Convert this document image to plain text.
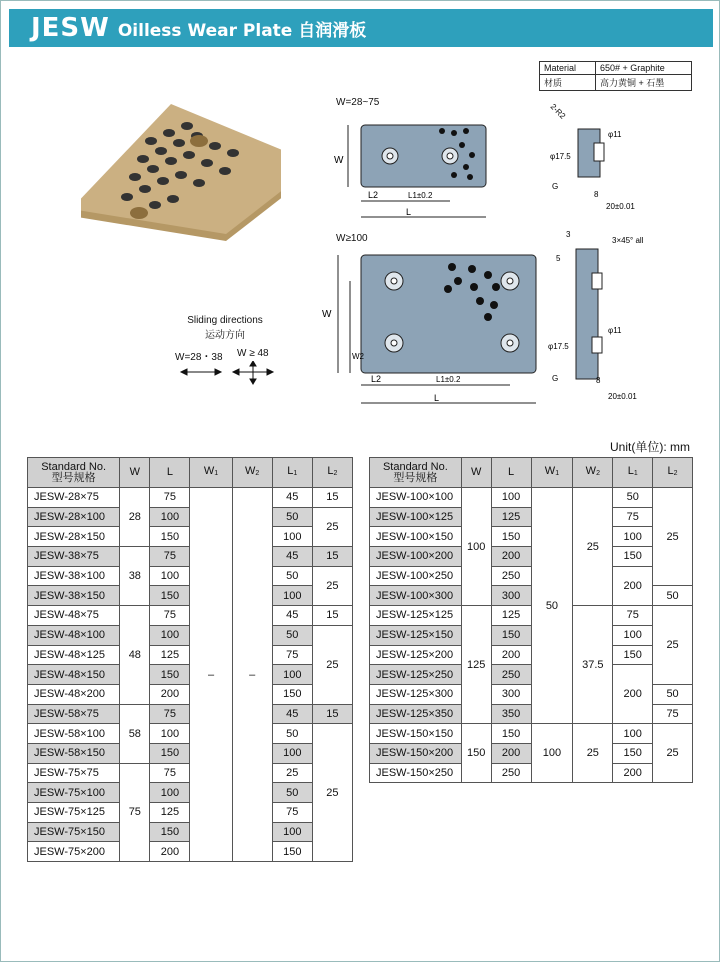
JESW Oilless Wear Plate 自润滑板
Material	650# + Graphite
材质	高力黄铜 + 石墨
Sliding directions
运动方向
W=28・38 W ≥ 48
W=28~75
W
L2	L1±0.2
L
W≥100
W
W2
L2	L1±0.2
L
2-R2
φ11
φ17.5
G
8
20±0.01
3
3×45° all
5
φ11
φ17.5
G	8
20±0.01
Unit(单位): mm
Standard No.
型号规格	W	L	W1	W2	L1	L2
JESW-28×75	28	75	–	–	45	15
JESW-28×100		100			50	25
JESW-28×150		150			100	
JESW-38×75	38	75			45	15
JESW-38×100		100			50	25
JESW-38×150		150			100	
JESW-48×75	48	75			45	15
JESW-48×100		100			50	25
JESW-48×125		125			75	
JESW-48×150		150			100	
JESW-48×200		200			150	
JESW-58×75	58	75			45	15
JESW-58×100		100			50	25
JESW-58×150		150			100	
JESW-75×75	75	75			25	
JESW-75×100		100			50	
JESW-75×125		125			75	
JESW-75×150		150			100	
JESW-75×200		200			150	
Standard No.
型号规格	W	L	W1	W2	L1	L2
JESW-100×100	100	100	50	25	50	25
JESW-100×125		125			75	
JESW-100×150		150			100	
JESW-100×200		200			150	
JESW-100×250		250			200	
JESW-100×300		300				50
JESW-125×125	125	125		37.5	75	25
JESW-125×150		150			100	
JESW-125×200		200			150	
JESW-125×250		250			200	
JESW-125×300		300				50
JESW-125×350		350				75
JESW-150×150	150	150	100	25	100	25
JESW-150×200		200			150	
JESW-150×250		250			200	
